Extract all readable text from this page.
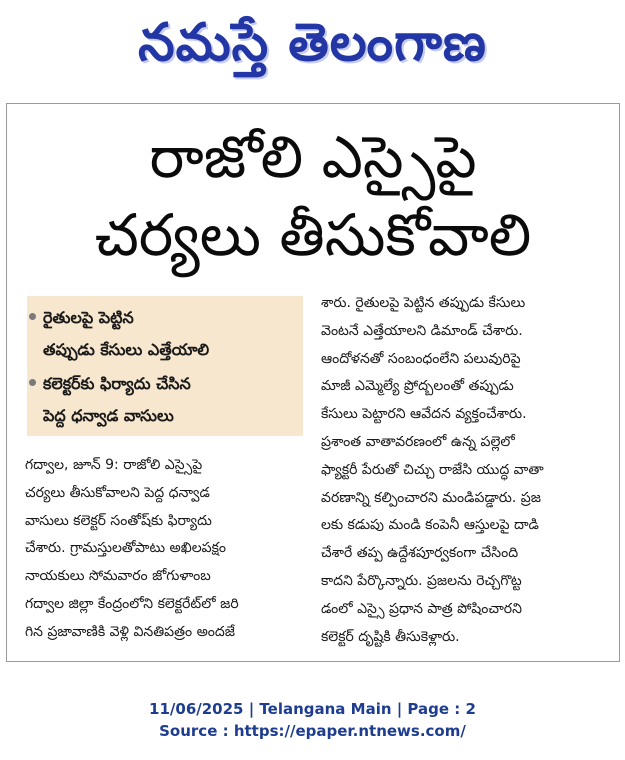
నమస్తే తెలంగాణ
రాజోలి ఎస్సైపై
చర్యలు తీసుకోవాలి
రైతులపై పెట్టిన
తప్పుడు కేసులు ఎత్తేయాలి
కలెక్టర్‌కు ఫిర్యాదు చేసిన
పెద్ద ధన్వాడ వాసులు
శారు. రైతులపై పెట్టిన తప్పుడు కేసులు
వెంటనే ఎత్తేయాలని డిమాండ్ చేశారు.
ఆందోళనతో సంబంధంలేని పలువురిపై
మాజీ ఎమ్మెల్యే ప్రోద్బలంతో తప్పుడు
కేసులు పెట్టారని ఆవేదన వ్యక్తంచేశారు.
ప్రశాంత వాతావరణంలో ఉన్న పల్లెలో
ఫ్యాక్టరీ పేరుతో చిచ్చు రాజేసి యుద్ధ వాతా
వరణాన్ని కల్పించారని మండిపడ్డారు. ప్రజ
లకు కడుపు మండి కంపెనీ ఆస్తులపై దాడి
చేశారే తప్ప ఉద్దేశపూర్వకంగా చేసింది
కాదని పేర్కొన్నారు. ప్రజలను రెచ్చగొట్ట
డంలో ఎస్సై ప్రధాన పాత్ర పోషించారని
కలెక్టర్ దృష్టికి తీసుకెళ్లారు.
గద్వాల, జూన్ 9: రాజోలి ఎస్సైపై
చర్యలు తీసుకోవాలని పెద్ద ధన్వాడ
వాసులు కలెక్టర్ సంతోష్‌కు ఫిర్యాదు
చేశారు. గ్రామస్తులతోపాటు అఖిలపక్షం
నాయకులు సోమవారం జోగుళాంబ
గద్వాల జిల్లా కేంద్రంలోని కలెక్టరేట్‌లో జరి
గిన ప్రజావాణికి వెళ్లి వినతిపత్రం అందజే
11/06/2025 | Telangana Main | Page : 2
Source : https://epaper.ntnews.com/
